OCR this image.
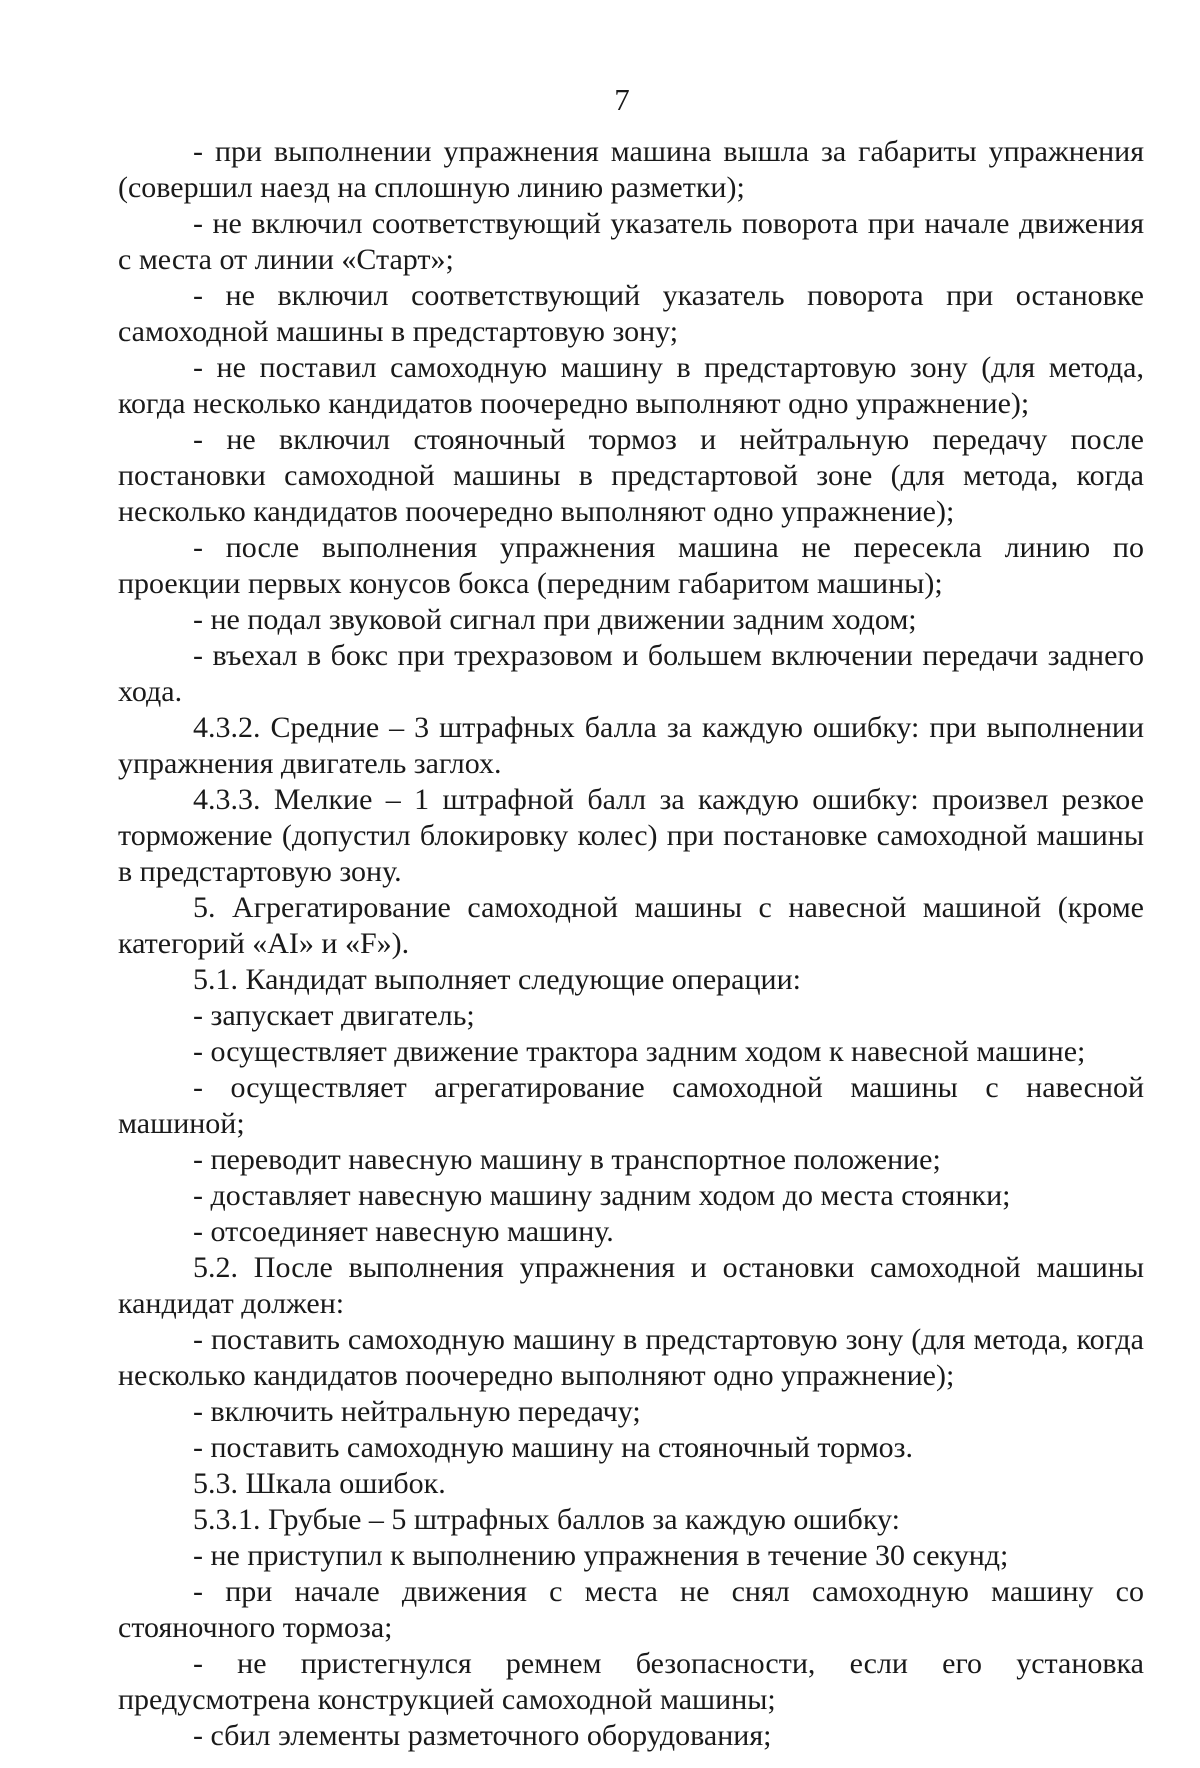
7

- при выполнении упражнения машина вышла за габариты упражнения (совершил наезд на сплошную линию разметки);

- не включил соответствующий указатель поворота при начале движения с места от линии «Старт»;

- не включил соответствующий указатель поворота при остановке самоходной машины в предстартовую зону;

- не поставил самоходную машину в предстартовую зону (для метода, когда несколько кандидатов поочередно выполняют одно упражнение);

- не включил стояночный тормоз и нейтральную передачу после постановки самоходной машины в предстартовой зоне (для метода, когда несколько кандидатов поочередно выполняют одно упражнение);

- после выполнения упражнения машина не пересекла линию по проекции первых конусов бокса (передним габаритом машины);

- не подал звуковой сигнал при движении задним ходом;

- въехал в бокс при трехразовом и большем включении передачи заднего хода.

4.3.2. Средние – 3 штрафных балла за каждую ошибку: при выполнении упражнения двигатель заглох.

4.3.3. Мелкие – 1 штрафной балл за каждую ошибку: произвел резкое торможение (допустил блокировку колес) при постановке самоходной машины в предстартовую зону.

5. Агрегатирование самоходной машины с навесной машиной (кроме категорий «AI» и «F»).

5.1. Кандидат выполняет следующие операции:

- запускает двигатель;

- осуществляет движение трактора задним ходом к навесной машине;

- осуществляет агрегатирование самоходной машины с навесной машиной;

- переводит навесную машину в транспортное положение;

- доставляет навесную машину задним ходом до места стоянки;

- отсоединяет навесную машину.

5.2. После выполнения упражнения и остановки самоходной машины кандидат должен:

- поставить самоходную машину в предстартовую зону (для метода, когда несколько кандидатов поочередно выполняют одно упражнение);

- включить нейтральную передачу;

- поставить самоходную машину на стояночный тормоз.

5.3. Шкала ошибок.

5.3.1. Грубые – 5 штрафных баллов за каждую ошибку:

- не приступил к выполнению упражнения в течение 30 секунд;

- при начале движения с места не снял самоходную машину со стояночного тормоза;

- не пристегнулся ремнем безопасности, если его установка предусмотрена конструкцией самоходной машины;

- сбил элементы разметочного оборудования;
